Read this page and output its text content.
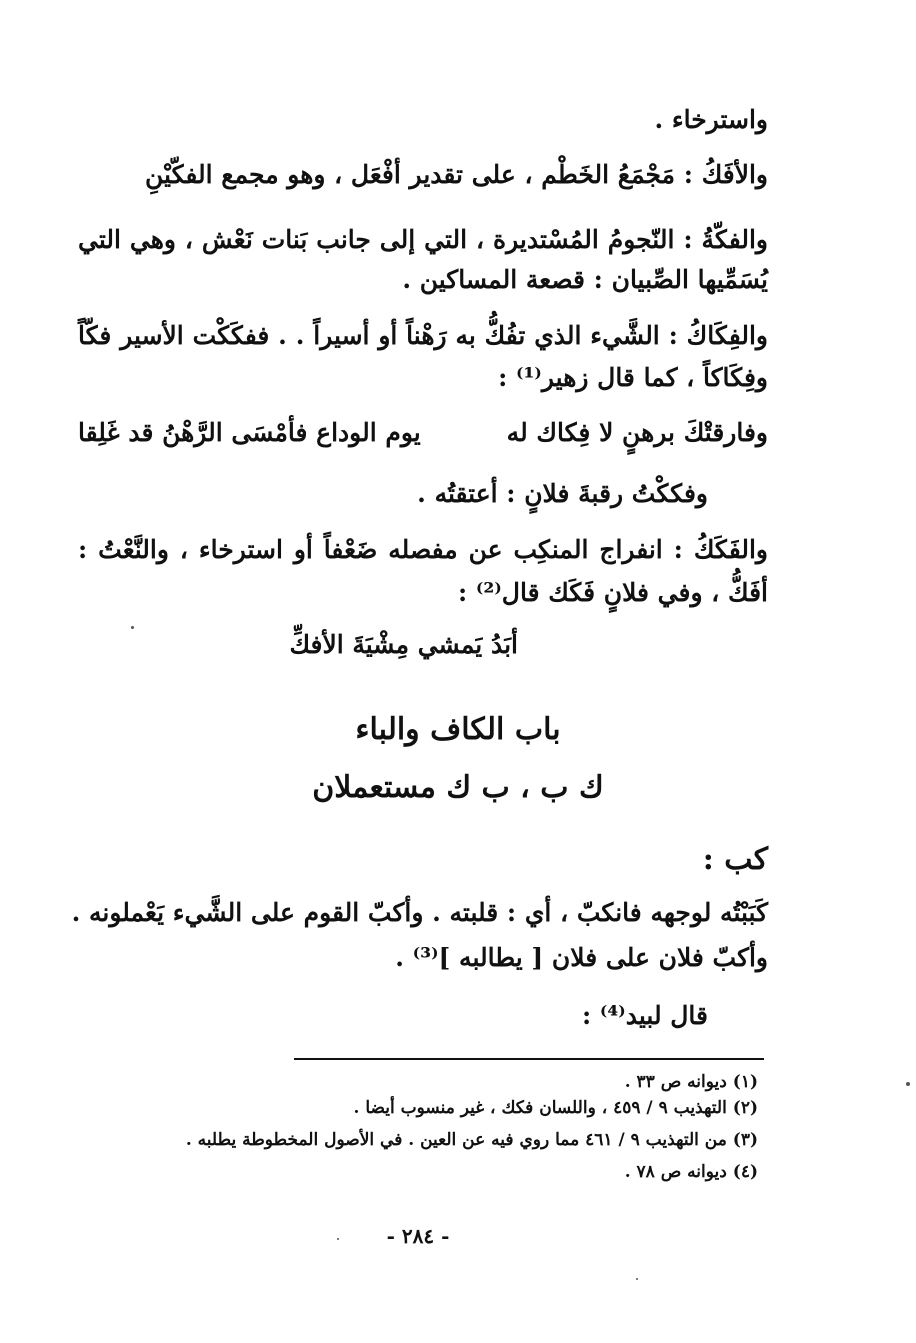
واسترخاء .
والأفَكُ : مَجْمَعُ الخَطْم ، على تقدير أفْعَل ، وهو مجمع الفكّيْنِ
والفكّةُ : النّجومُ المُسْتديرة ، التي إلى جانب بَنات نَعْش ، وهي التي
يُسَمِّيها الصِّبيان : قصعة المساكين .
والفِكَاكُ : الشَّيء الذي تفُكُّ به رَهْناً أو أسيراً . . ففكَكْت الأسير فكّاً
وفِكَاكاً ، كما قال زهير⁽¹⁾ :
وفارقتْكَ برهنٍ لا فِكاك له
يوم الوداع فأمْسَى الرَّهْنُ قد غَلِقا
وفككْتُ رقبةَ فلانٍ : أعتقتُه .
والفَكَكُ : انفراج المنكِب عن مفصله ضَعْفاً أو استرخاء ، والنَّعْتُ :
أفَكُّ ، وفي فلانٍ فَكَك قال⁽²⁾ :
أبَدُ يَمشي مِشْيَةَ الأفكِّ
باب الكاف والباء
ك ب ، ب ك مستعملان
كب :
كَبَبْتُه لوجهه فانكبّ ، أي : قلبته . وأكبّ القوم على الشَّيء يَعْملونه .
وأكبّ فلان على فلان [ يطالبه ]⁽³⁾ .
قال لبيد⁽⁴⁾ :
(١) ديوانه ص ٣٣ .
(٢) التهذيب ٩ / ٤٥٩ ، واللسان فكك ، غير منسوب أيضا .
(٣) من التهذيب ٩ / ٤٦١ مما روي فيه عن العين . في الأصول المخطوطة يطلبه .
(٤) ديوانه ص ٧٨ .
- ٢٨٤ -
